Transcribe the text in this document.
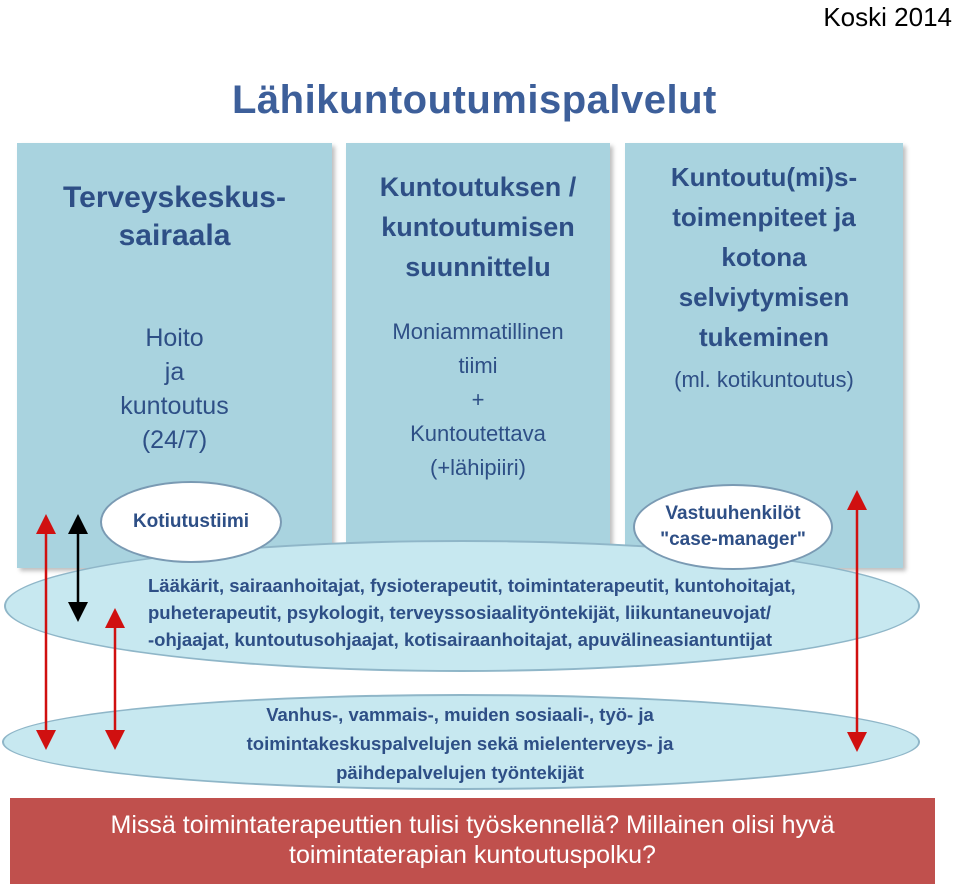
Koski 2014
Lähikuntoutumispalvelut
Terveyskeskus-
sairaala
Hoito
ja
kuntoutus
(24/7)
Kuntoutuksen /
kuntoutumisen
suunnittelu
Moniammatillinen
tiimi
+
Kuntoutettava
(+lähipiiri)
Kuntoutu(mi)s-
toimenpiteet ja
kotona
selviytymisen
tukeminen
(ml. kotikuntoutus)
Lääkärit, sairaanhoitajat, fysioterapeutit, toimintaterapeutit, kuntohoitajat,
puheterapeutit, psykologit, terveyssosiaalityöntekijät, liikuntaneuvojat/
-ohjaajat, kuntoutusohjaajat, kotisairaanhoitajat, apuvälineasiantuntijat
Vanhus-, vammais-, muiden sosiaali-, työ- ja
toimintakeskuspalvelujen sekä mielenterveys- ja
päihdepalvelujen työntekijät
Kotiutustiimi	Vastuuhenkilöt
"case-manager"
Missä toimintaterapeuttien tulisi työskennellä? Millainen olisi hyvä
toimintaterapian kuntoutuspolku?
